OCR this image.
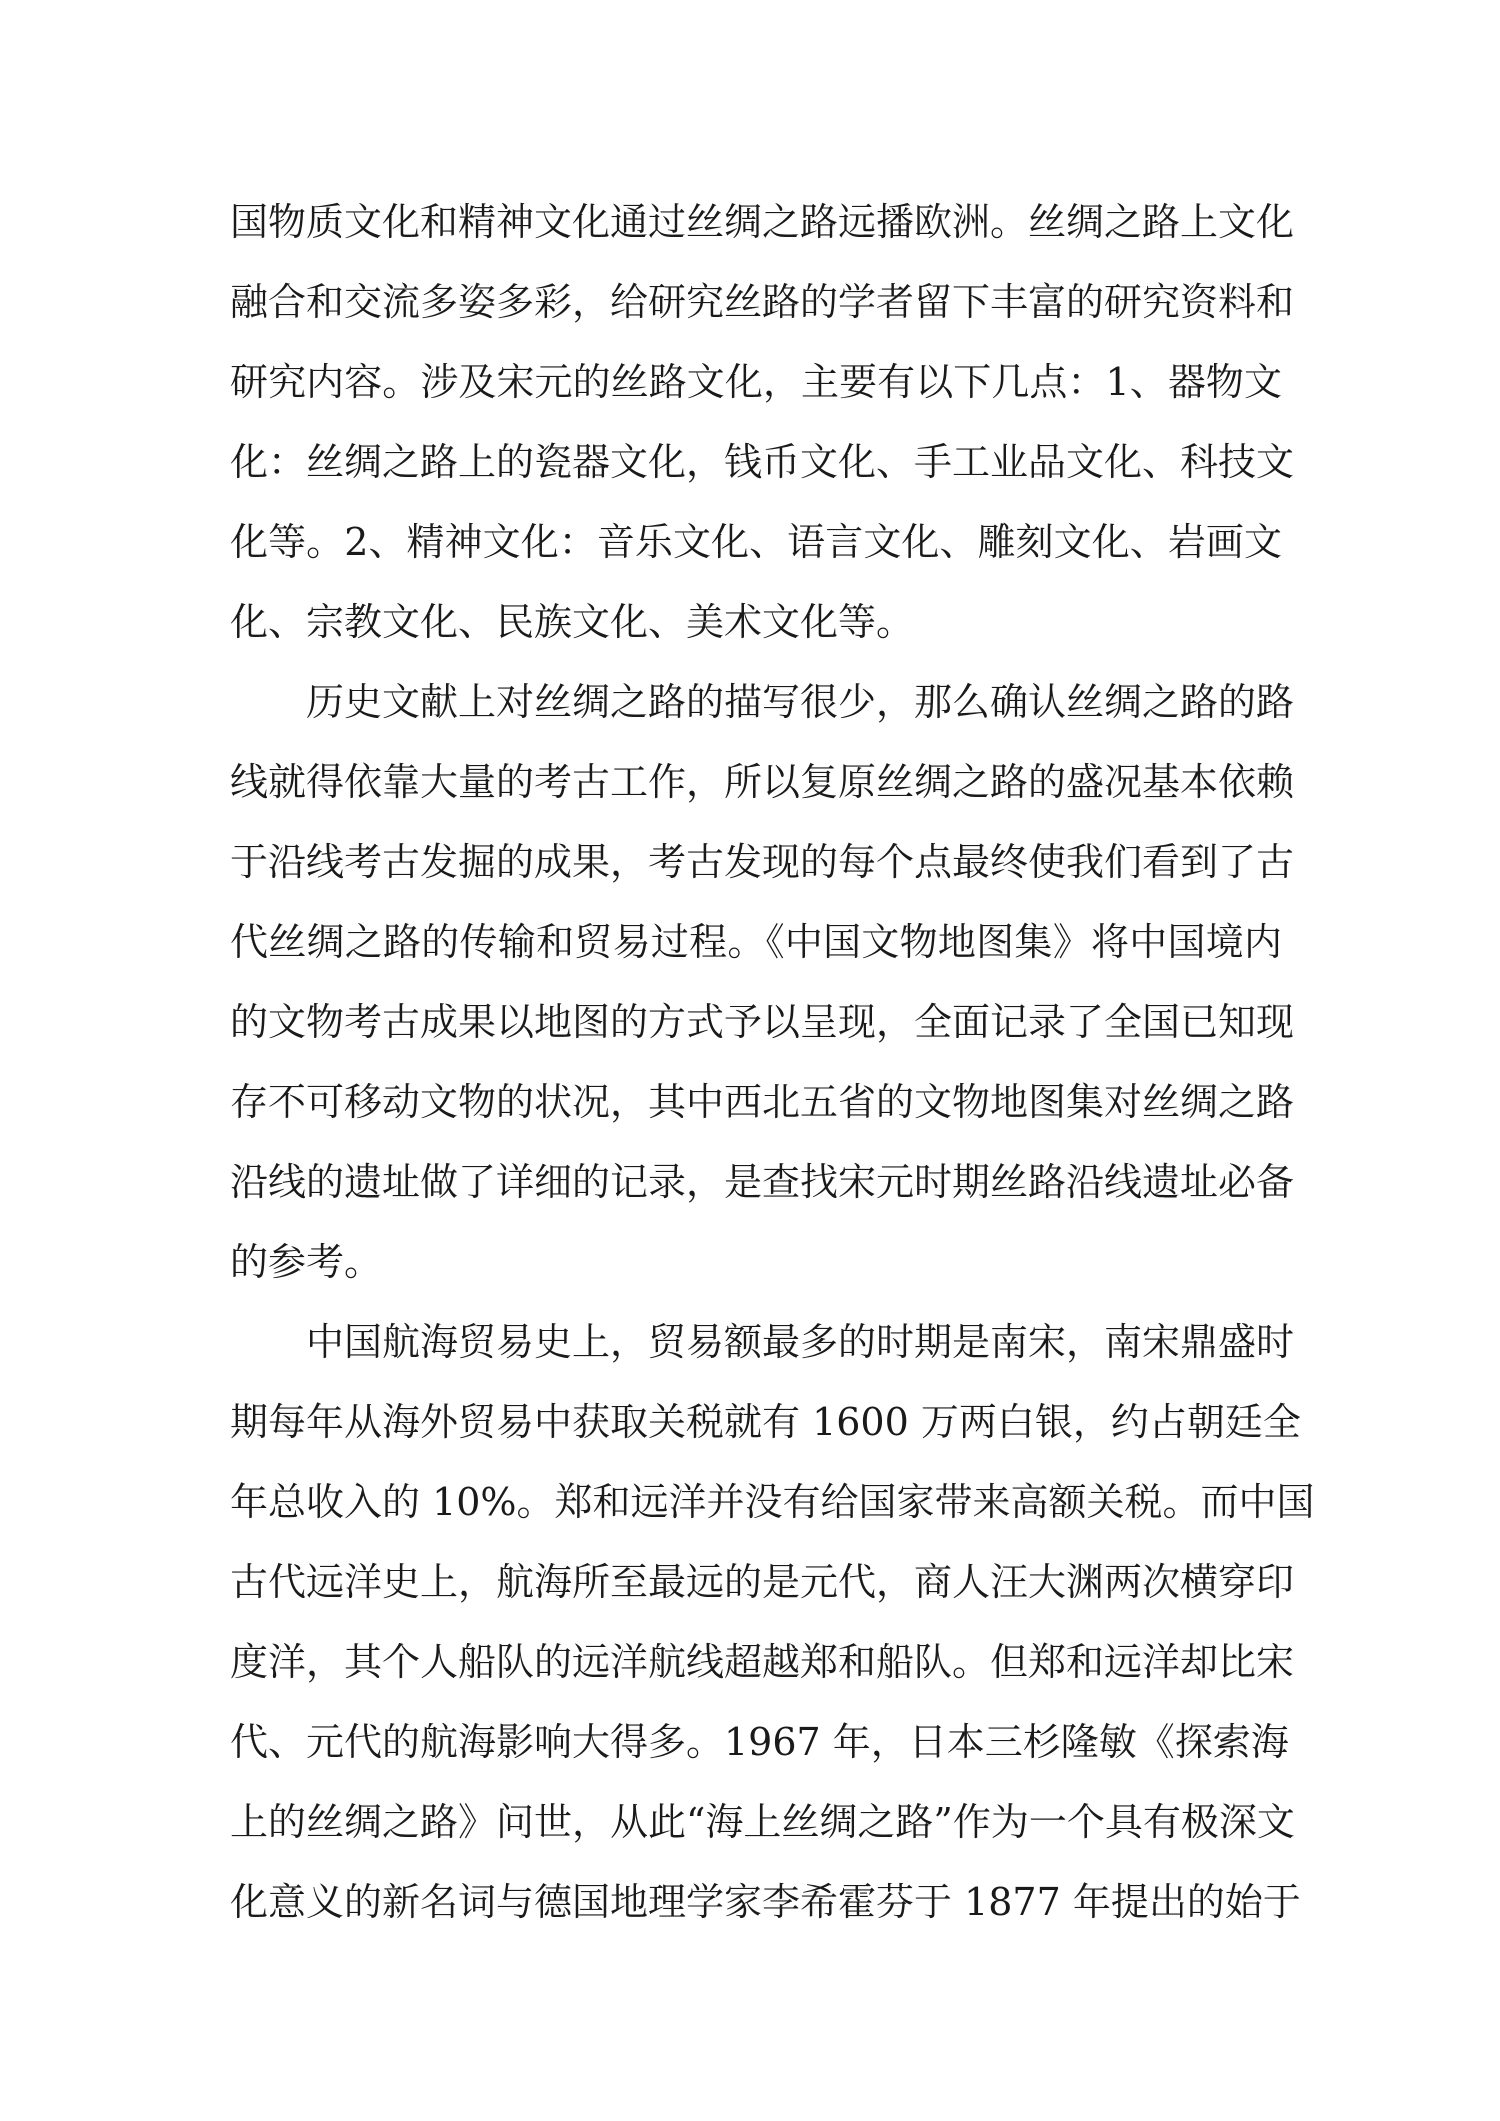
国物质文化和精神文化通过丝绸之路远播欧洲。丝绸之路上文化
融合和交流多姿多彩，给研究丝路的学者留下丰富的研究资料和
研究内容。涉及宋元的丝路文化，主要有以下几点：1、器物文
化：丝绸之路上的瓷器文化，钱币文化、手工业品文化、科技文
化等。2、精神文化：音乐文化、语言文化、雕刻文化、岩画文
化、宗教文化、民族文化、美术文化等。
历史文献上对丝绸之路的描写很少，那么确认丝绸之路的路
线就得依靠大量的考古工作，所以复原丝绸之路的盛况基本依赖
于沿线考古发掘的成果，考古发现的每个点最终使我们看到了古
代丝绸之路的传输和贸易过程。《中国文物地图集》将中国境内
的文物考古成果以地图的方式予以呈现，全面记录了全国已知现
存不可移动文物的状况，其中西北五省的文物地图集对丝绸之路
沿线的遗址做了详细的记录，是查找宋元时期丝路沿线遗址必备
的参考。
中国航海贸易史上，贸易额最多的时期是南宋，南宋鼎盛时
期每年从海外贸易中获取关税就有 1600 万两白银，约占朝廷全
年总收入的 10%。郑和远洋并没有给国家带来高额关税。而中国
古代远洋史上，航海所至最远的是元代，商人汪大渊两次横穿印
度洋，其个人船队的远洋航线超越郑和船队。但郑和远洋却比宋
代、元代的航海影响大得多。1967 年，日本三杉隆敏《探索海
上的丝绸之路》问世，从此“海上丝绸之路”作为一个具有极深文
化意义的新名词与德国地理学家李希霍芬于 1877 年提出的始于
